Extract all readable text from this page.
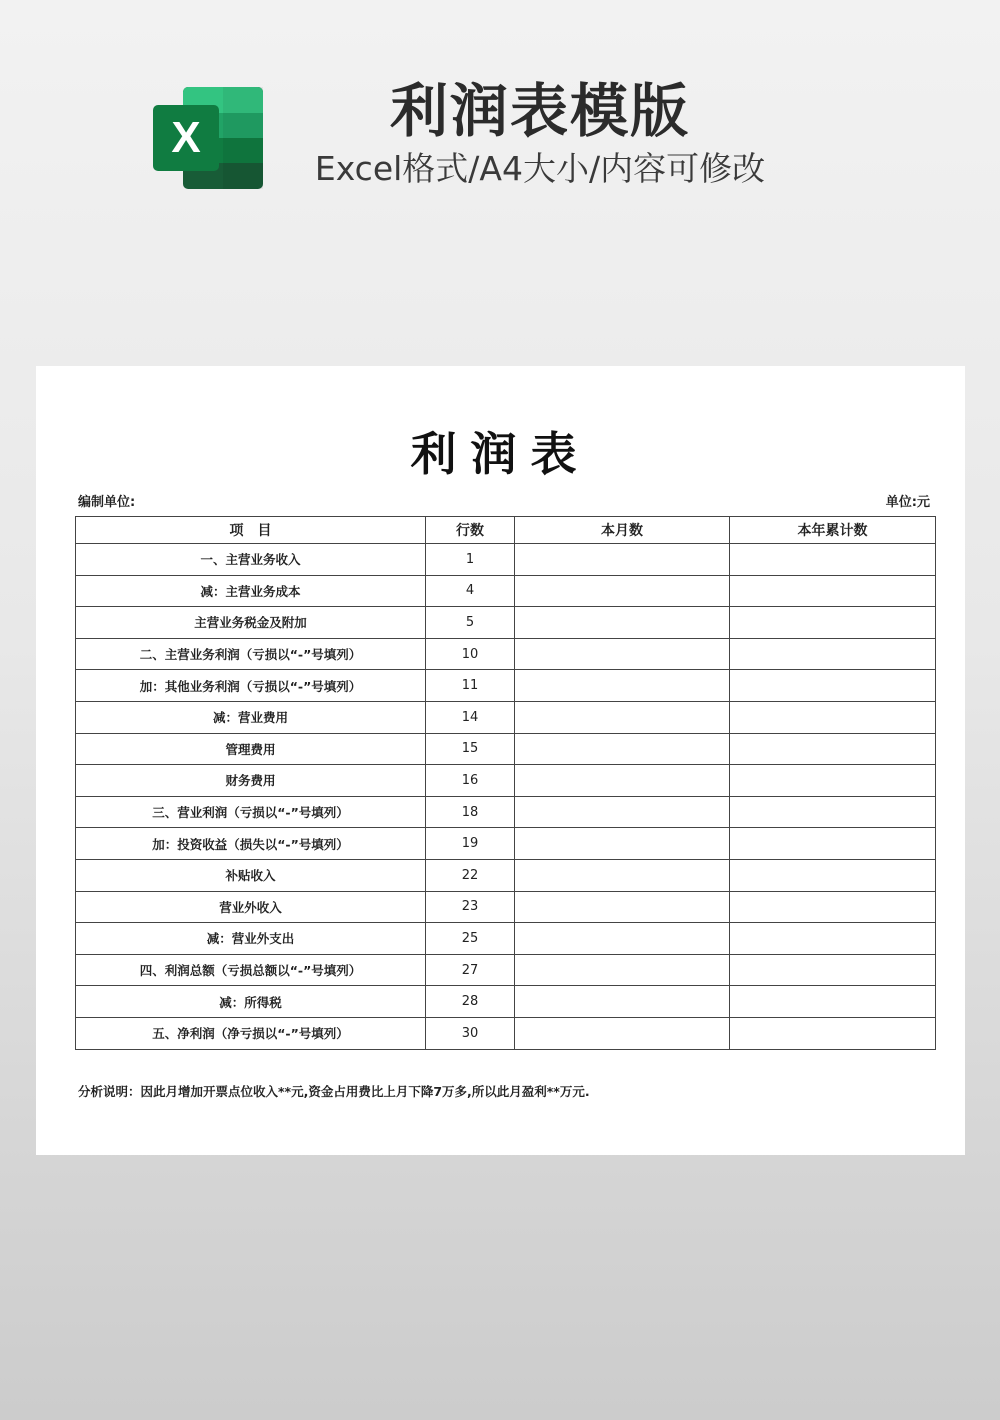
X	利润表模版
Excel格式/A4大小/内容可修改
利润表
编制单位:	单位:元
项　目	行数	本月数	本年累计数
一、主营业务收入	1		
减：主营业务成本	4		
主营业务税金及附加	5		
二、主营业务利润（亏损以“-”号填列）	10		
加：其他业务利润（亏损以“-”号填列）	11		
减：营业费用	14		
管理费用	15		
财务费用	16		
三、营业利润（亏损以“-”号填列）	18		
加：投资收益（损失以“-”号填列）	19		
补贴收入	22		
营业外收入	23		
减：营业外支出	25		
四、利润总额（亏损总额以“-”号填列）	27		
减：所得税	28		
五、净利润（净亏损以“-”号填列）	30		
分析说明：因此月增加开票点位收入**元,资金占用费比上月下降7万多,所以此月盈利**万元.
